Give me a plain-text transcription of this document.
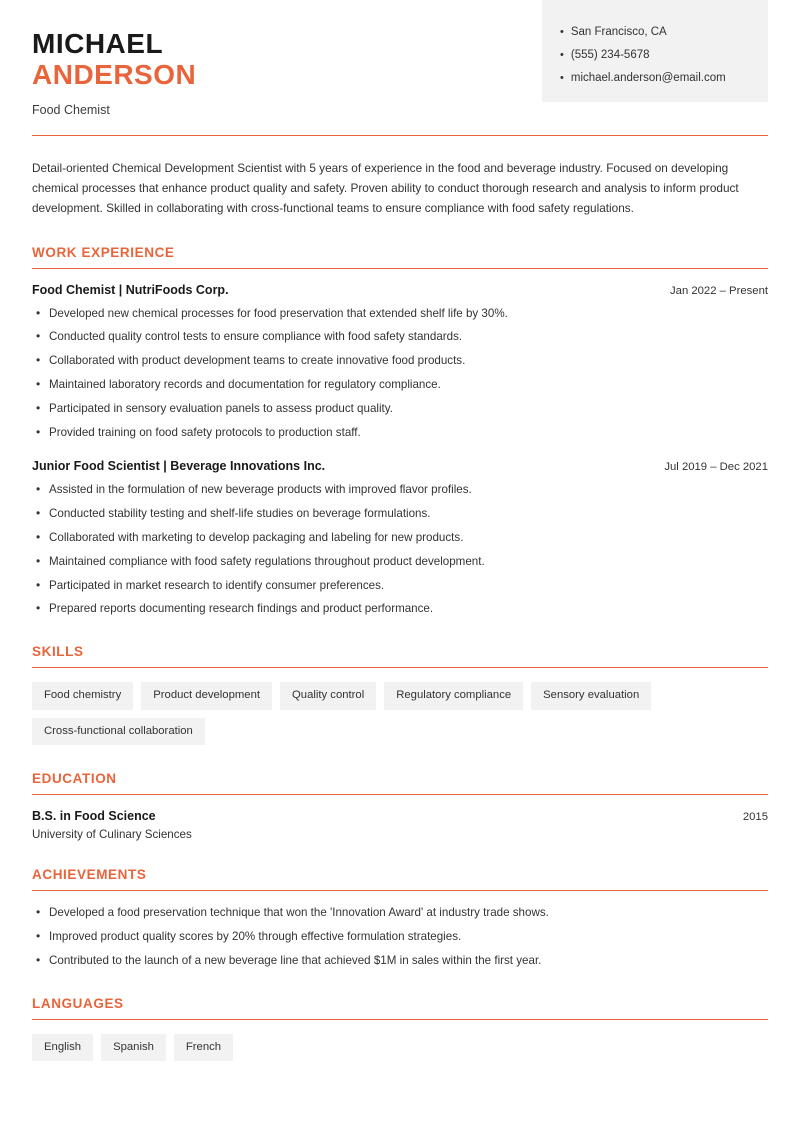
MICHAEL
ANDERSON
Food Chemist
• San Francisco, CA
• (555) 234-5678
• michael.anderson@email.com
Detail-oriented Chemical Development Scientist with 5 years of experience in the food and beverage industry. Focused on developing chemical processes that enhance product quality and safety. Proven ability to conduct thorough research and analysis to inform product development. Skilled in collaborating with cross-functional teams to ensure compliance with food safety regulations.
WORK EXPERIENCE
Food Chemist | NutriFoods Corp.	Jan 2022 – Present
• Developed new chemical processes for food preservation that extended shelf life by 30%.
• Conducted quality control tests to ensure compliance with food safety standards.
• Collaborated with product development teams to create innovative food products.
• Maintained laboratory records and documentation for regulatory compliance.
• Participated in sensory evaluation panels to assess product quality.
• Provided training on food safety protocols to production staff.
Junior Food Scientist | Beverage Innovations Inc.	Jul 2019 – Dec 2021
• Assisted in the formulation of new beverage products with improved flavor profiles.
• Conducted stability testing and shelf-life studies on beverage formulations.
• Collaborated with marketing to develop packaging and labeling for new products.
• Maintained compliance with food safety regulations throughout product development.
• Participated in market research to identify consumer preferences.
• Prepared reports documenting research findings and product performance.
SKILLS
Food chemistry	Product development	Quality control	Regulatory compliance	Sensory evaluation
Cross-functional collaboration
EDUCATION
B.S. in Food Science	2015
University of Culinary Sciences
ACHIEVEMENTS
• Developed a food preservation technique that won the 'Innovation Award' at industry trade shows.
• Improved product quality scores by 20% through effective formulation strategies.
• Contributed to the launch of a new beverage line that achieved $1M in sales within the first year.
LANGUAGES
English	Spanish	French
